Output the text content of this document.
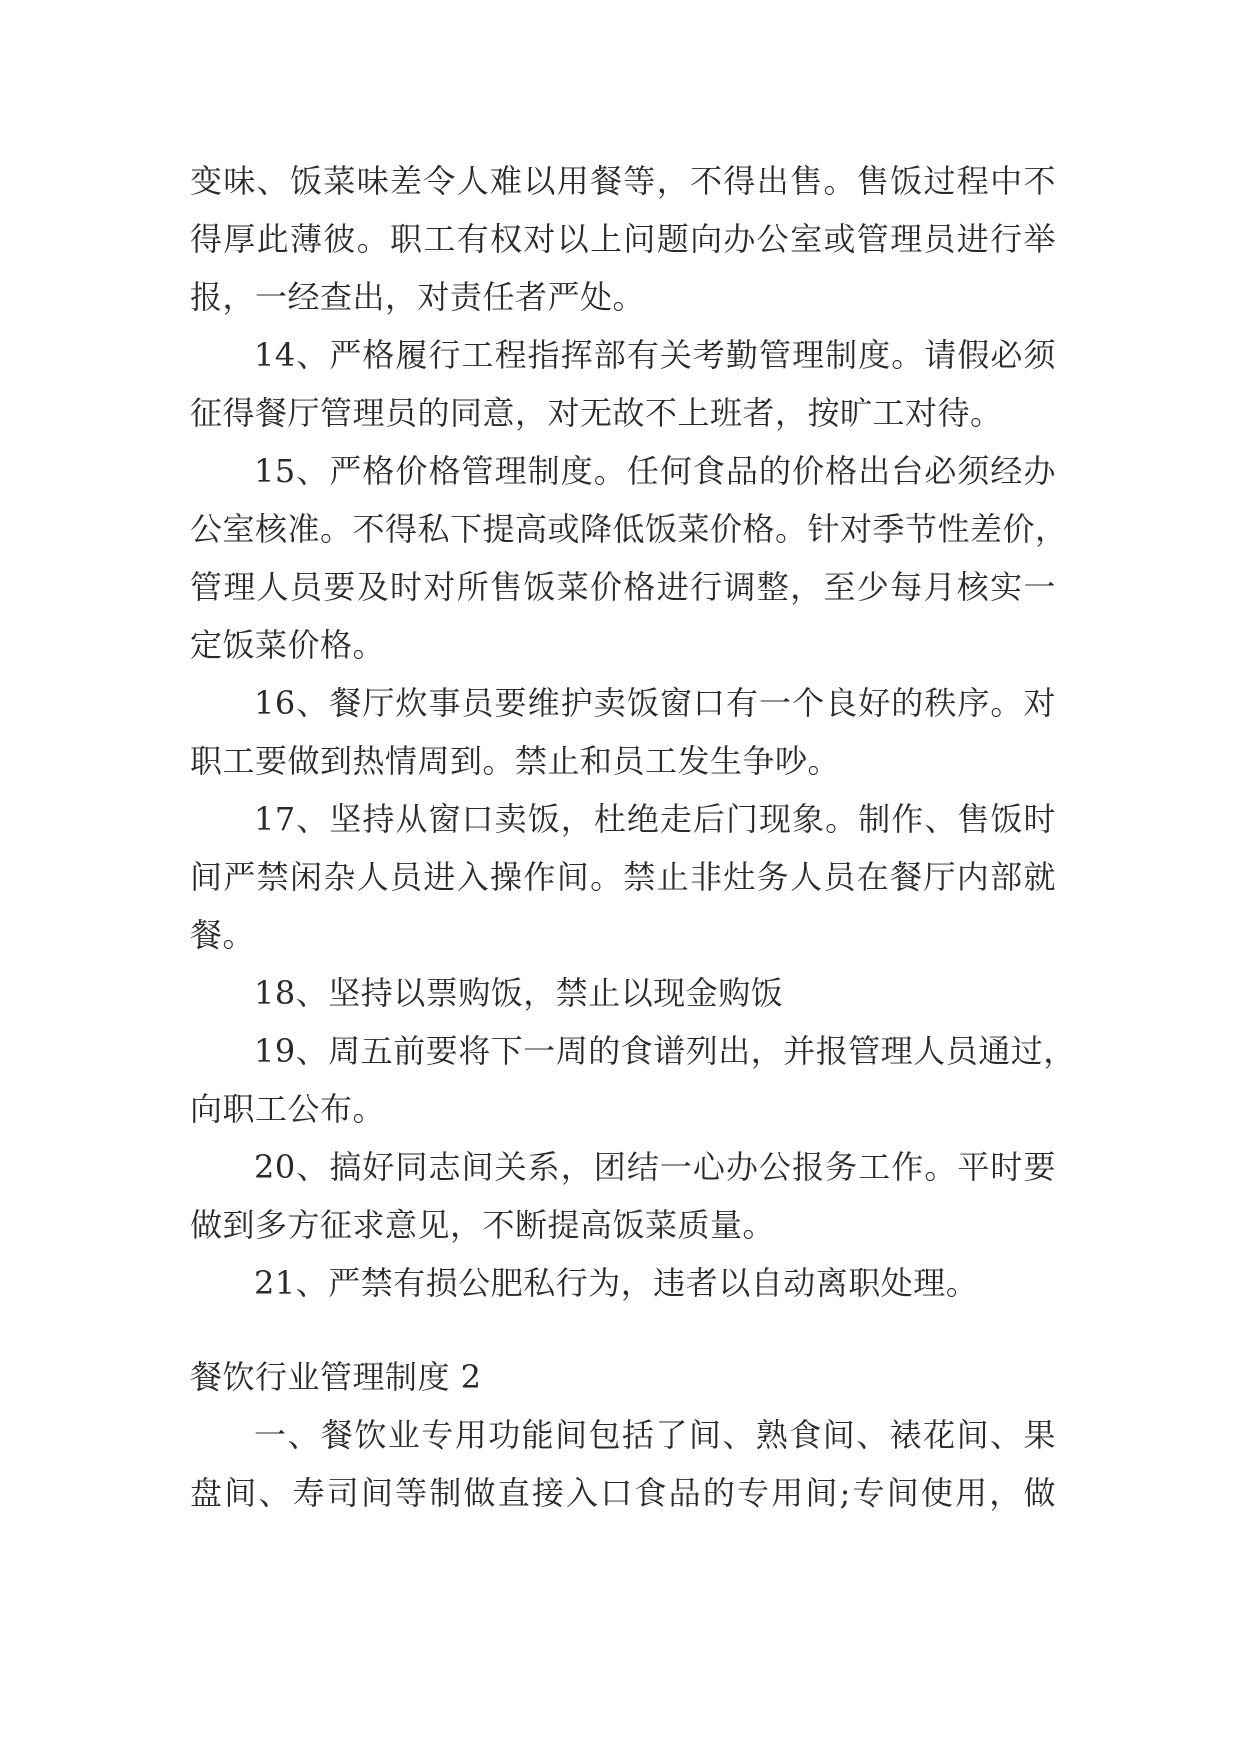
变味、饭菜味差令人难以用餐等，不得出售。售饭过程中不
得厚此薄彼。职工有权对以上问题向办公室或管理员进行举
报，一经查出，对责任者严处。
14、严格履行工程指挥部有关考勤管理制度。请假必须
征得餐厅管理员的同意，对无故不上班者，按旷工对待。
15、严格价格管理制度。任何食品的价格出台必须经办
公室核准。不得私下提高或降低饭菜价格。针对季节性差价，
管理人员要及时对所售饭菜价格进行调整，至少每月核实一
定饭菜价格。
16、餐厅炊事员要维护卖饭窗口有一个良好的秩序。对
职工要做到热情周到。禁止和员工发生争吵。
17、坚持从窗口卖饭，杜绝走后门现象。制作、售饭时
间严禁闲杂人员进入操作间。禁止非灶务人员在餐厅内部就
餐。
18、坚持以票购饭，禁止以现金购饭
19、周五前要将下一周的食谱列出，并报管理人员通过，
向职工公布。
20、搞好同志间关系，团结一心办公报务工作。平时要
做到多方征求意见，不断提高饭菜质量。
21、严禁有损公肥私行为，违者以自动离职处理。
餐饮行业管理制度 2
一、餐饮业专用功能间包括了间、熟食间、裱花间、果
盘间、寿司间等制做直接入口食品的专用间;专间使用，做
